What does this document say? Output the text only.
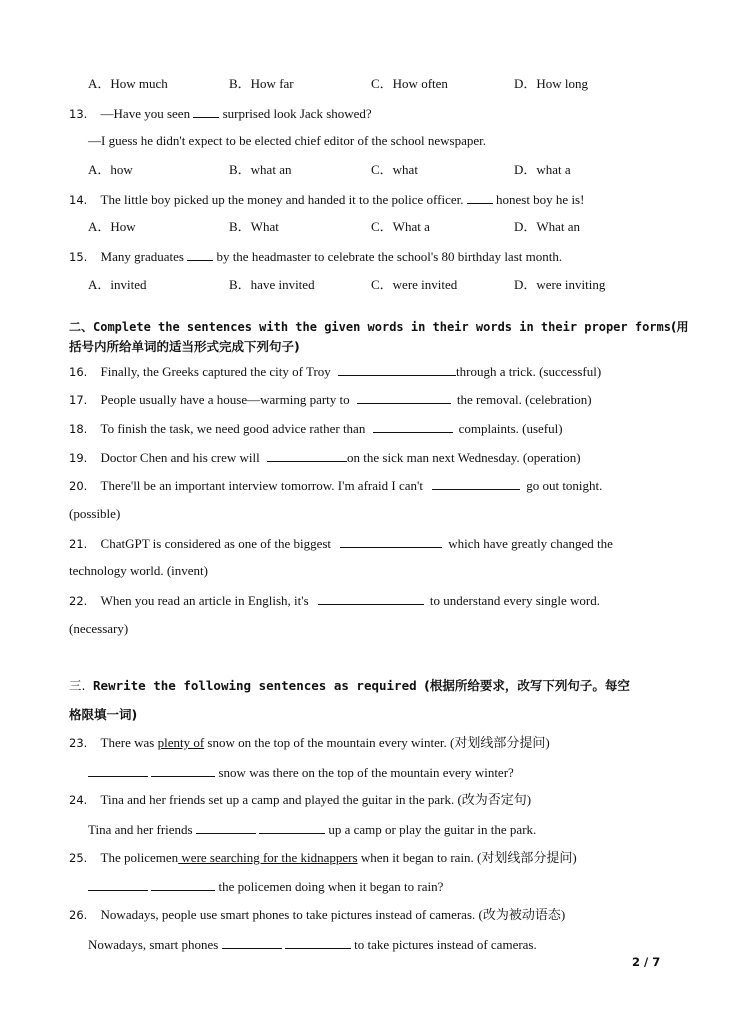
A．How much	B．How far	C．How often	D．How long
13. —Have you seen	surprised look Jack showed?
—I guess he didn't expect to be elected chief editor of the school newspaper.
A．how	B．what an	C．what	D．what a
14. The little boy picked up the money and handed it to the police officer.	honest boy he is!
A．How	B．What	C．What a	D．What an
15. Many graduates	by the headmaster to celebrate the school's 80 birthday last month.
A．invited	B．have invited	C．were invited	D．were inviting
二、Complete the sentences with the given words in their words in their proper forms(用
括号内所给单词的适当形式完成下列句子)
16. Finally, the Greeks captured the city of Troy	through a trick. (successful)
17. People usually have a house—warming party to	the removal. (celebration)
18. To finish the task, we need good advice rather than	complaints. (useful)
19. Doctor Chen and his crew will	on the sick man next Wednesday. (operation)
20. There'll be an important interview tomorrow. I'm afraid I can't	go out tonight.
(possible)
21. ChatGPT is considered as one of the biggest	which have greatly changed the
technology world. (invent)
22. When you read an article in English, it's	to understand every single word.
(necessary)
三. Rewrite the following sentences as required (根据所给要求，改写下列句子。每空
格限填一词)
23. There was plenty of snow on the top of the mountain every winter. (对划线部分提问)
snow was there on the top of the mountain every winter?
24. Tina and her friends set up a camp and played the guitar in the park. (改为否定句)
Tina and her friends	up a camp or play the guitar in the park.
25. The policemen were searching for the kidnappers when it began to rain. (对划线部分提问)
the policemen doing when it began to rain?
26. Nowadays, people use smart phones to take pictures instead of cameras. (改为被动语态)
Nowadays, smart phones	to take pictures instead of cameras.
2 / 7
